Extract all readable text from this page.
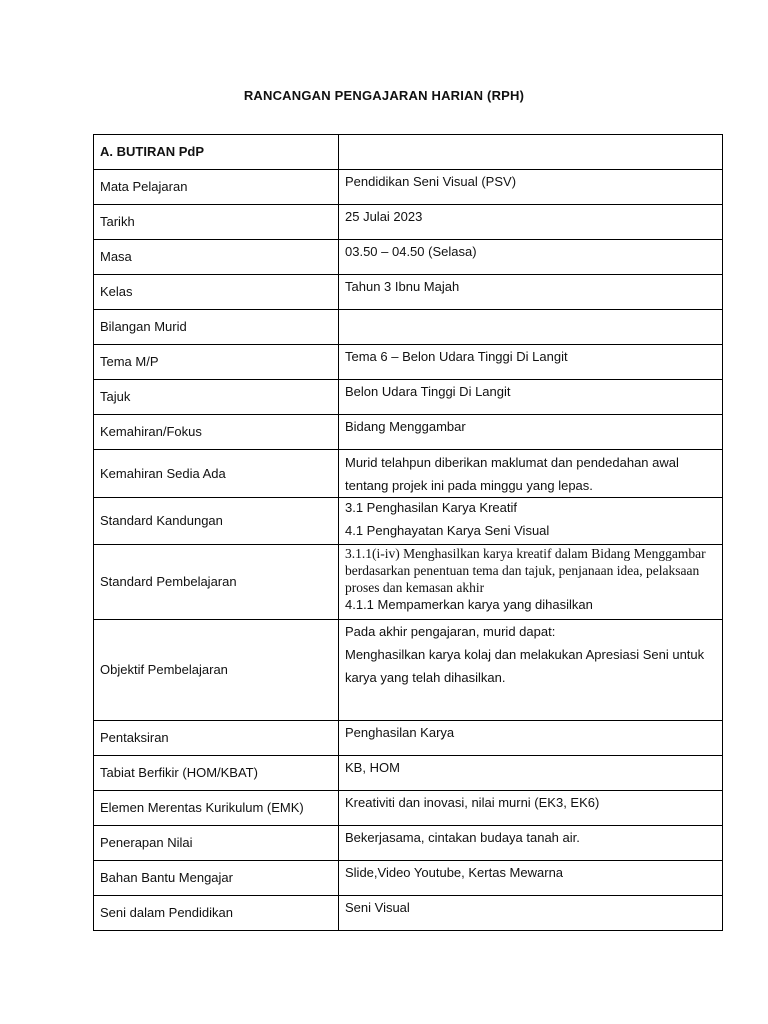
RANCANGAN PENGAJARAN HARIAN (RPH)
A. BUTIRAN PdP	
Mata Pelajaran	Pendidikan Seni Visual (PSV)

Tarikh	25 Julai 2023

Masa	03.50 – 04.50 (Selasa)

Kelas	Tahun 3 Ibnu Majah

Bilangan Murid	

Tema M/P	Tema 6 – Belon Udara Tinggi Di Langit

Tajuk	Belon Udara Tinggi Di Langit

Kemahiran/Fokus	Bidang Menggambar

Kemahiran Sedia Ada	Murid telahpun diberikan maklumat dan pendedahan awal tentang projek ini pada minggu yang lepas.

Standard Kandungan	3.1 Penghasilan Karya Kreatif

4.1 Penghayatan Karya Seni Visual

Standard Pembelajaran	3.1.1(i-iv) Menghasilkan karya kreatif dalam Bidang Menggambar berdasarkan penentuan tema dan tajuk, penjanaan idea, pelaksaan proses dan kemasan akhir

4.1.1 Mempamerkan karya yang dihasilkan

Objektif Pembelajaran	Pada akhir pengajaran, murid dapat:

Menghasilkan karya kolaj dan melakukan Apresiasi Seni untuk karya yang telah dihasilkan.

Pentaksiran	Penghasilan Karya

Tabiat Berfikir (HOM/KBAT)	KB, HOM

Elemen Merentas Kurikulum (EMK)	Kreativiti dan inovasi, nilai murni (EK3, EK6)

Penerapan Nilai	Bekerjasama, cintakan budaya tanah air.

Bahan Bantu Mengajar	Slide,Video Youtube, Kertas Mewarna

Seni dalam Pendidikan	Seni Visual
